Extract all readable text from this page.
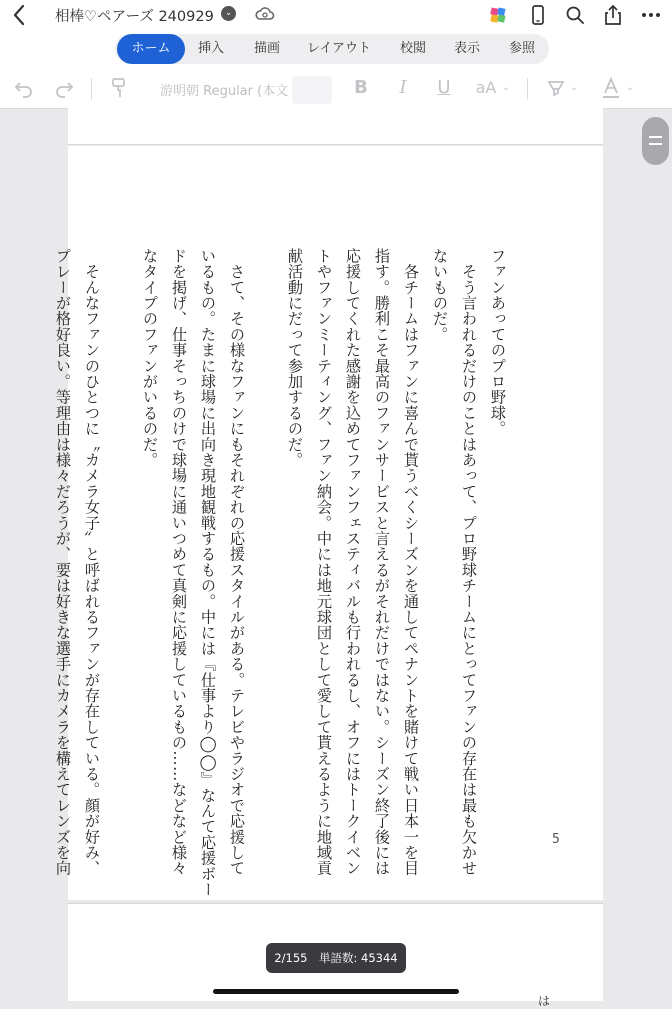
相棒♡ペアーズ 240929	⌄
ホーム	挿入	描画	レイアウト	校閲	表示	参照
游明朝 Regular (本文	B	I	U aA ⌄	⌄	⌄

ファンあってのプロ野球。

　そう言われるだけのことはあって、プロ野球チームにとってファンの存在は最も欠かせ

ないものだ。

　各チームはファンに喜んで貰うべくシーズンを通してペナントを賭けて戦い日本一を目

指す。勝利こそ最高のファンサービスと言えるがそれだけではない。シーズン終了後には

応援してくれた感謝を込めてファンフェスティバルも行われるし、オフにはトークイベン

トやファンミーティング、ファン納会。中には地元球団として愛して貰えるように地域貢

献活動にだって参加するのだ。

　さて、その様なファンにもそれぞれの応援スタイルがある。テレビやラジオで応援して

いるもの。たまに球場に出向き現地観戦するもの。中には『仕事より◯◯』なんて応援ボー

ドを掲げ、仕事そっちのけで球場に通いつめて真剣に応援しているもの……などなど様々

なタイプのファンがいるのだ。

　そんなファンのひとつに〝カメラ女子〟と呼ばれるファンが存在している。顔が好み、

プレーが格好良い。等理由は様々だろうが、要は好きな選手にカメラを構えてレンズを向	5
は
2/155　単語数: 45344
